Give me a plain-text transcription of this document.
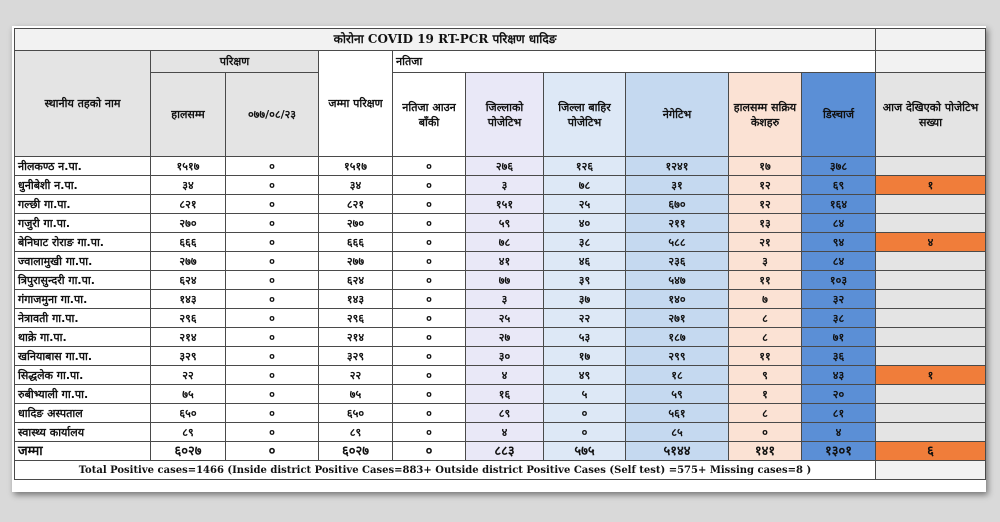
कोरोना COVID 19 RT-PCR परिक्षण धादिङ										
स्थानीय तहको नाम	परिक्षण		जम्मा परिक्षण	नतिजा						
	हालसम्म	०७७/०८/२३		नतिजा आउन बाँकी	जिल्लाको पोजेटिभ	जिल्ला बाहिर पोजेटिभ	नेगेटिभ	हालसम्म सक्रिय केशहरु	डिस्चार्ज	आज देखिएको पोजेटिभ सख्या
नीलकण्ठ न.पा.	१५१७	०	१५१७	०	२७६	१२६	१२४१	१७	३७८	
धुनीबेशी न.पा.	३४	०	३४	०	३	७८	३१	१२	६९	१
गल्छी गा.पा.	८२१	०	८२१	०	१५१	२५	६७०	१२	१६४	
गजुरी गा.पा.	२७०	०	२७०	०	५९	४०	२११	१३	८४	
बेनिघाट रोराङ गा.पा.	६६६	०	६६६	०	७८	३८	५८८	२१	९४	४
ज्वालामुखी गा.पा.	२७७	०	२७७	०	४१	४६	२३६	३	८४	
त्रिपुरासुन्दरी गा.पा.	६२४	०	६२४	०	७७	३९	५४७	११	१०३	
गंगाजमुना गा.पा.	१४३	०	१४३	०	३	३७	१४०	७	३२	
नेत्रावती गा.पा.	२९६	०	२९६	०	२५	२२	२७१	८	३८	
थाक्रे गा.पा.	२१४	०	२१४	०	२७	५३	१८७	८	७१	
खनियाबास गा.पा.	३२९	०	३२९	०	३०	१७	२९९	११	३६	
सिद्धलेक गा.पा.	२२	०	२२	०	४	४९	१८	९	४३	१
रुबीभ्याली गा.पा.	७५	०	७५	०	१६	५	५९	१	२०	
धादिङ अस्पताल	६५०	०	६५०	०	८९	०	५६१	८	८१	
स्वास्थ्य कार्यालय	८९	०	८९	०	४	०	८५	०	४	
जम्मा	६०२७	०	६०२७	०	८८३	५७५	५१४४	१४१	१३०१	६
Total Positive cases=1466 (Inside district Positive Cases=883+ Outside district Positive Cases (Self test) =575+ Missing cases=8 )										
